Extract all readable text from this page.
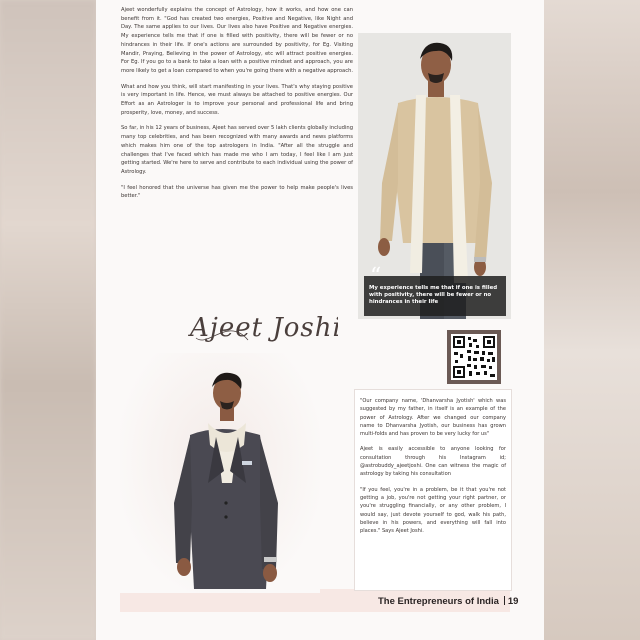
Ajeet wonderfully explains the concept of Astrology, how it works, and how one can benefit from it. "God has created two energies, Positive and Negative, like Night and Day. The same applies to our lives. Our lives also have Positive and Negative energies. My experience tells me that if one is filled with positivity, there will be fewer or no hindrances in their life. If one's actions are surrounded by positivity, for Eg. Visiting Mandir, Praying, Believing in the power of Astrology, etc will attract positive energies. For Eg. If you go to a bank to take a loan with a positive mindset and approach, you are more likely to get a loan compared to when you're going there with a negative approach.

What and how you think, will start manifesting in your lives. That's why staying positive is very important in life. Hence, we must always be attached to positive energies. Our Effort as an Astrologer is to improve your personal and professional life and bring prosperity, love, money, and success.

So far, in his 12 years of business, Ajeet has served over 5 lakh clients globally including many top celebrities, and has been recognized with many awards and news platforms which makes him one of the top astrologers in India. "After all the struggle and challenges that I've faced which has made me who I am today, I feel like I am just getting started. We're here to serve and contribute to each individual using the power of Astrology.

"I feel honored that the universe has given me the power to help make people's lives better."

Ajeet Joshi
“
My experience tells me that if one is filled with positivity, there will be fewer or no hindrances in their life

"Our company name, 'Dhanvarsha Jyotish' which was suggested by my father, in itself is an example of the power of Astrology. After we changed our company name to Dhanvarsha Jyotish, our business has grown multi-folds and has proven to be very lucky for us"

Ajeet is easily accessible to anyone looking for consultation through his Instagram id; @astrobuddy_ajeetjoshi. One can witness the magic of astrology by taking his consultation

"If you feel, you're in a problem, be it that you're not getting a job, you're not getting your right partner, or you're struggling financially, or any other problem, I would say, just devote yourself to god, walk his path, believe in his powers, and everything will fall into places." Says Ajeet Joshi.

The Entrepreneurs of India 19
